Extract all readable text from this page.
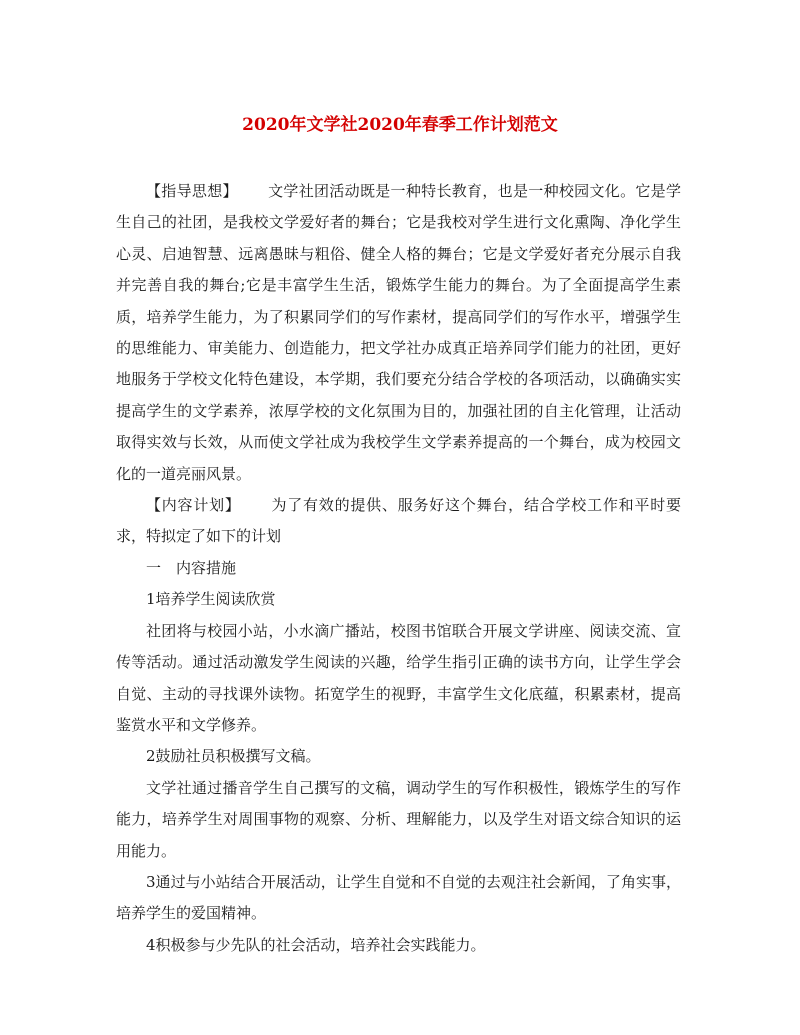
2020年文学社2020年春季工作计划范文

【指导思想】 文学社团活动既是一种特长教育，也是一种校园文化。它是学生自己的社团，是我校文学爱好者的舞台；它是我校对学生进行文化熏陶、净化学生心灵、启迪智慧、远离愚昧与粗俗、健全人格的舞台；它是文学爱好者充分展示自我并完善自我的舞台;它是丰富学生生活，锻炼学生能力的舞台。为了全面提高学生素质，培养学生能力，为了积累同学们的写作素材，提高同学们的写作水平，增强学生的思维能力、审美能力、创造能力，把文学社办成真正培养同学们能力的社团，更好地服务于学校文化特色建设，本学期，我们要充分结合学校的各项活动，以确确实实提高学生的文学素养，浓厚学校的文化氛围为目的，加强社团的自主化管理，让活动取得实效与长效，从而使文学社成为我校学生文学素养提高的一个舞台，成为校园文化的一道亮丽风景。

【内容计划】 为了有效的提供、服务好这个舞台，结合学校工作和平时要求，特拟定了如下的计划

一　内容措施

1培养学生阅读欣赏

社团将与校园小站，小水滴广播站，校图书馆联合开展文学讲座、阅读交流、宣传等活动。通过活动激发学生阅读的兴趣，给学生指引正确的读书方向，让学生学会自觉、主动的寻找课外读物。拓宽学生的视野，丰富学生文化底蕴，积累素材，提高鉴赏水平和文学修养。

2鼓励社员积极撰写文稿。

文学社通过播音学生自己撰写的文稿，调动学生的写作积极性，锻炼学生的写作能力，培养学生对周围事物的观察、分析、理解能力，以及学生对语文综合知识的运用能力。

3通过与小站结合开展活动，让学生自觉和不自觉的去观注社会新闻，了角实事，培养学生的爱国精神。

4积极参与少先队的社会活动，培养社会实践能力。
